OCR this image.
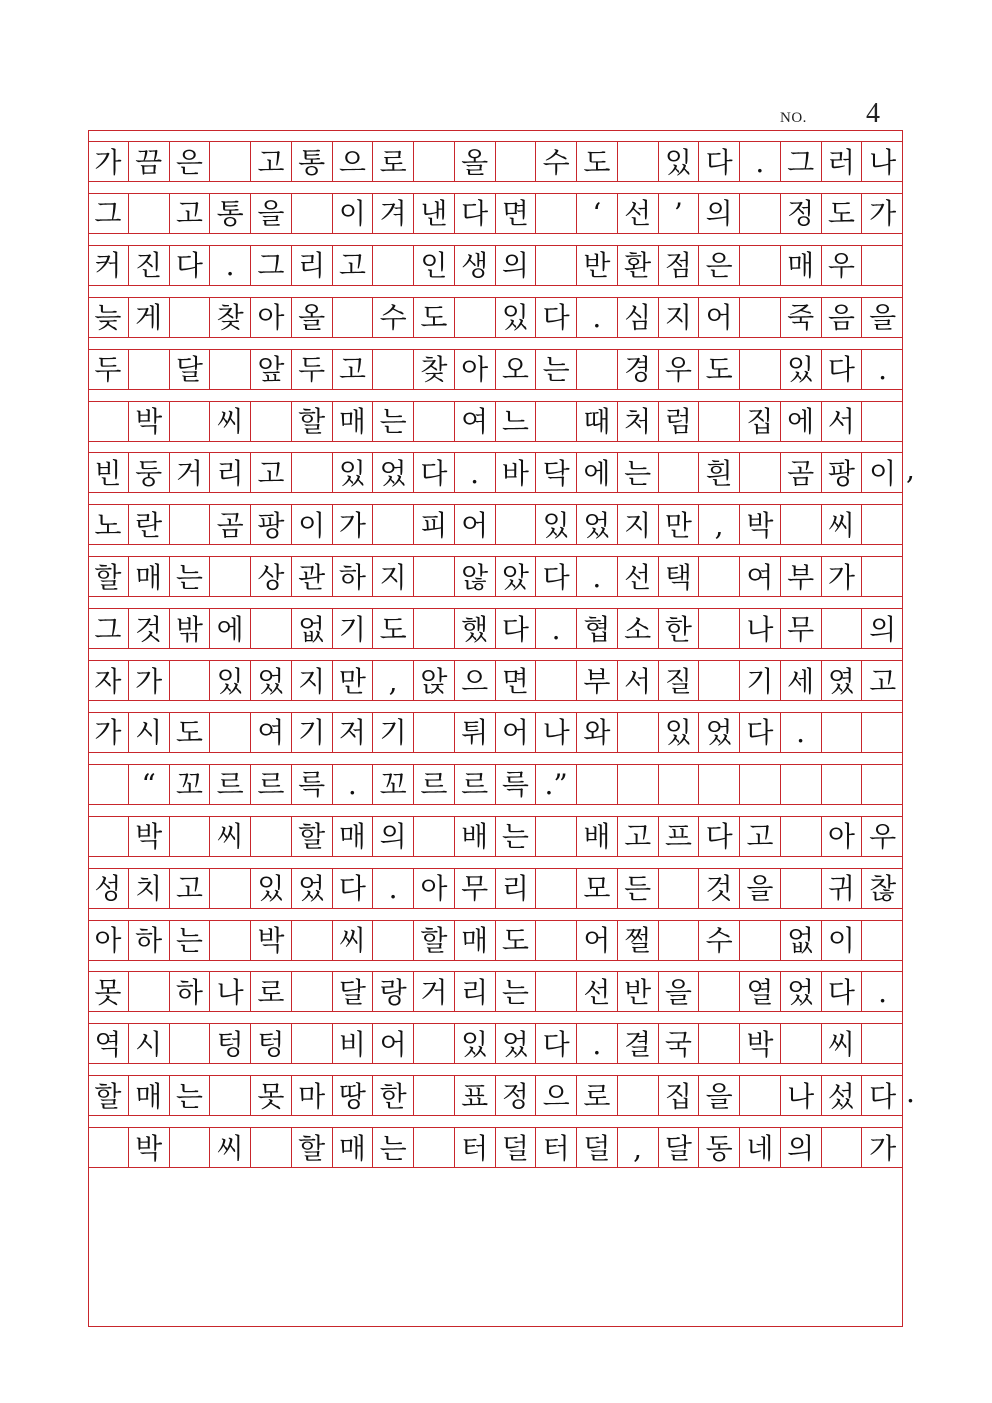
NO. 4
가 끔 은 고 통 으 로 올 수 도 있 다 . 그 러 나
그 고 통 을 이 겨 낸 다 면 ‘ 선 ’ 의 정 도 가
커 진 다 . 그 리 고 인 생 의 반 환 점 은 매 우
늦 게 찾 아 올 수 도 있 다 . 심 지 어 죽 음 을
두 달 앞 두 고 찾 아 오 는 경 우 도 있 다 .
박 씨 할 매 는 여 느 때 처 럼 집 에 서
빈 둥 거 리 고 있 었 다 . 바 닥 에 는 흰 곰 팡 이 ,
노 란 곰 팡 이 가 피 어 있 었 지 만 , 박 씨
할 매 는 상 관 하 지 않 았 다 . 선 택 여 부 가
그 것 밖 에 없 기 도 했 다 . 협 소 한 나 무 의
자 가 있 었 지 만 , 앉 으 면 부 서 질 기 세 였 고
가 시 도 여 기 저 기 튀 어 나 와 있 었 다 .
“ 꼬 르 르 륵 . 꼬 르 르 륵 .”
박 씨 할 매 의 배 는 배 고 프 다 고 아 우
성 치 고 있 었 다 . 아 무 리 모 든 것 을 귀 찮
아 하 는 박 씨 할 매 도 어 쩔 수 없 이
못 하 나 로 달 랑 거 리 는 선 반 을 열 었 다 .
역 시 텅 텅 비 어 있 었 다 . 결 국 박 씨
할 매 는 못 마 땅 한 표 정 으 로 집 을 나 섰 다 .
박 씨 할 매 는 터 덜 터 덜 , 달 동 네 의 가
